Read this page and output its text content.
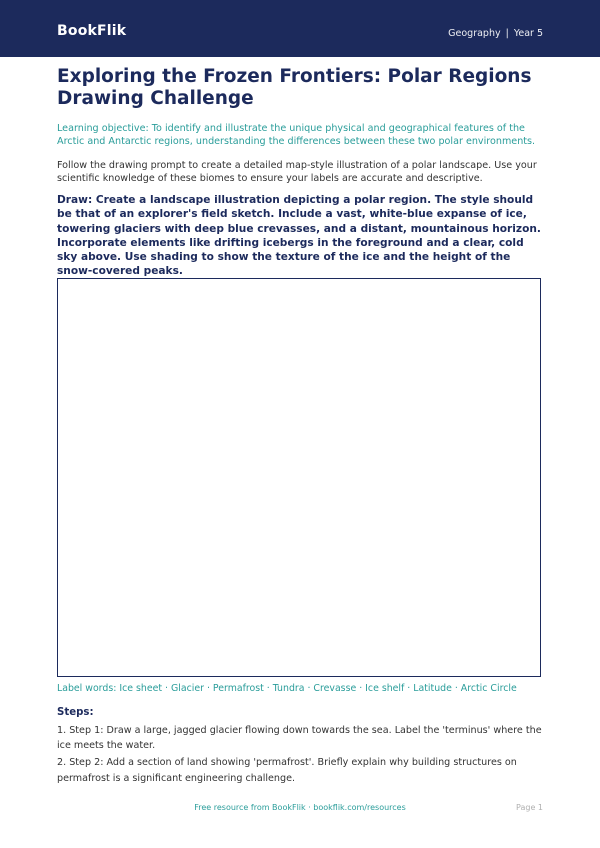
BookFlik	Geography | Year 5
Exploring the Frozen Frontiers: Polar Regions Drawing Challenge
Learning objective: To identify and illustrate the unique physical and geographical features of the Arctic and Antarctic regions, understanding the differences between these two polar environments.
Follow the drawing prompt to create a detailed map-style illustration of a polar landscape. Use your scientific knowledge of these biomes to ensure your labels are accurate and descriptive.
Draw: Create a landscape illustration depicting a polar region. The style should be that of an explorer's field sketch. Include a vast, white-blue expanse of ice, towering glaciers with deep blue crevasses, and a distant, mountainous horizon. Incorporate elements like drifting icebergs in the foreground and a clear, cold sky above. Use shading to show the texture of the ice and the height of the snow-covered peaks.
Label words: Ice sheet · Glacier · Permafrost · Tundra · Crevasse · Ice shelf · Latitude · Arctic Circle
Steps:
1. Step 1: Draw a large, jagged glacier flowing down towards the sea. Label the 'terminus' where the ice meets the water.
2. Step 2: Add a section of land showing 'permafrost'. Briefly explain why building structures on permafrost is a significant engineering challenge.
Free resource from BookFlik · bookflik.com/resources	Page 1
